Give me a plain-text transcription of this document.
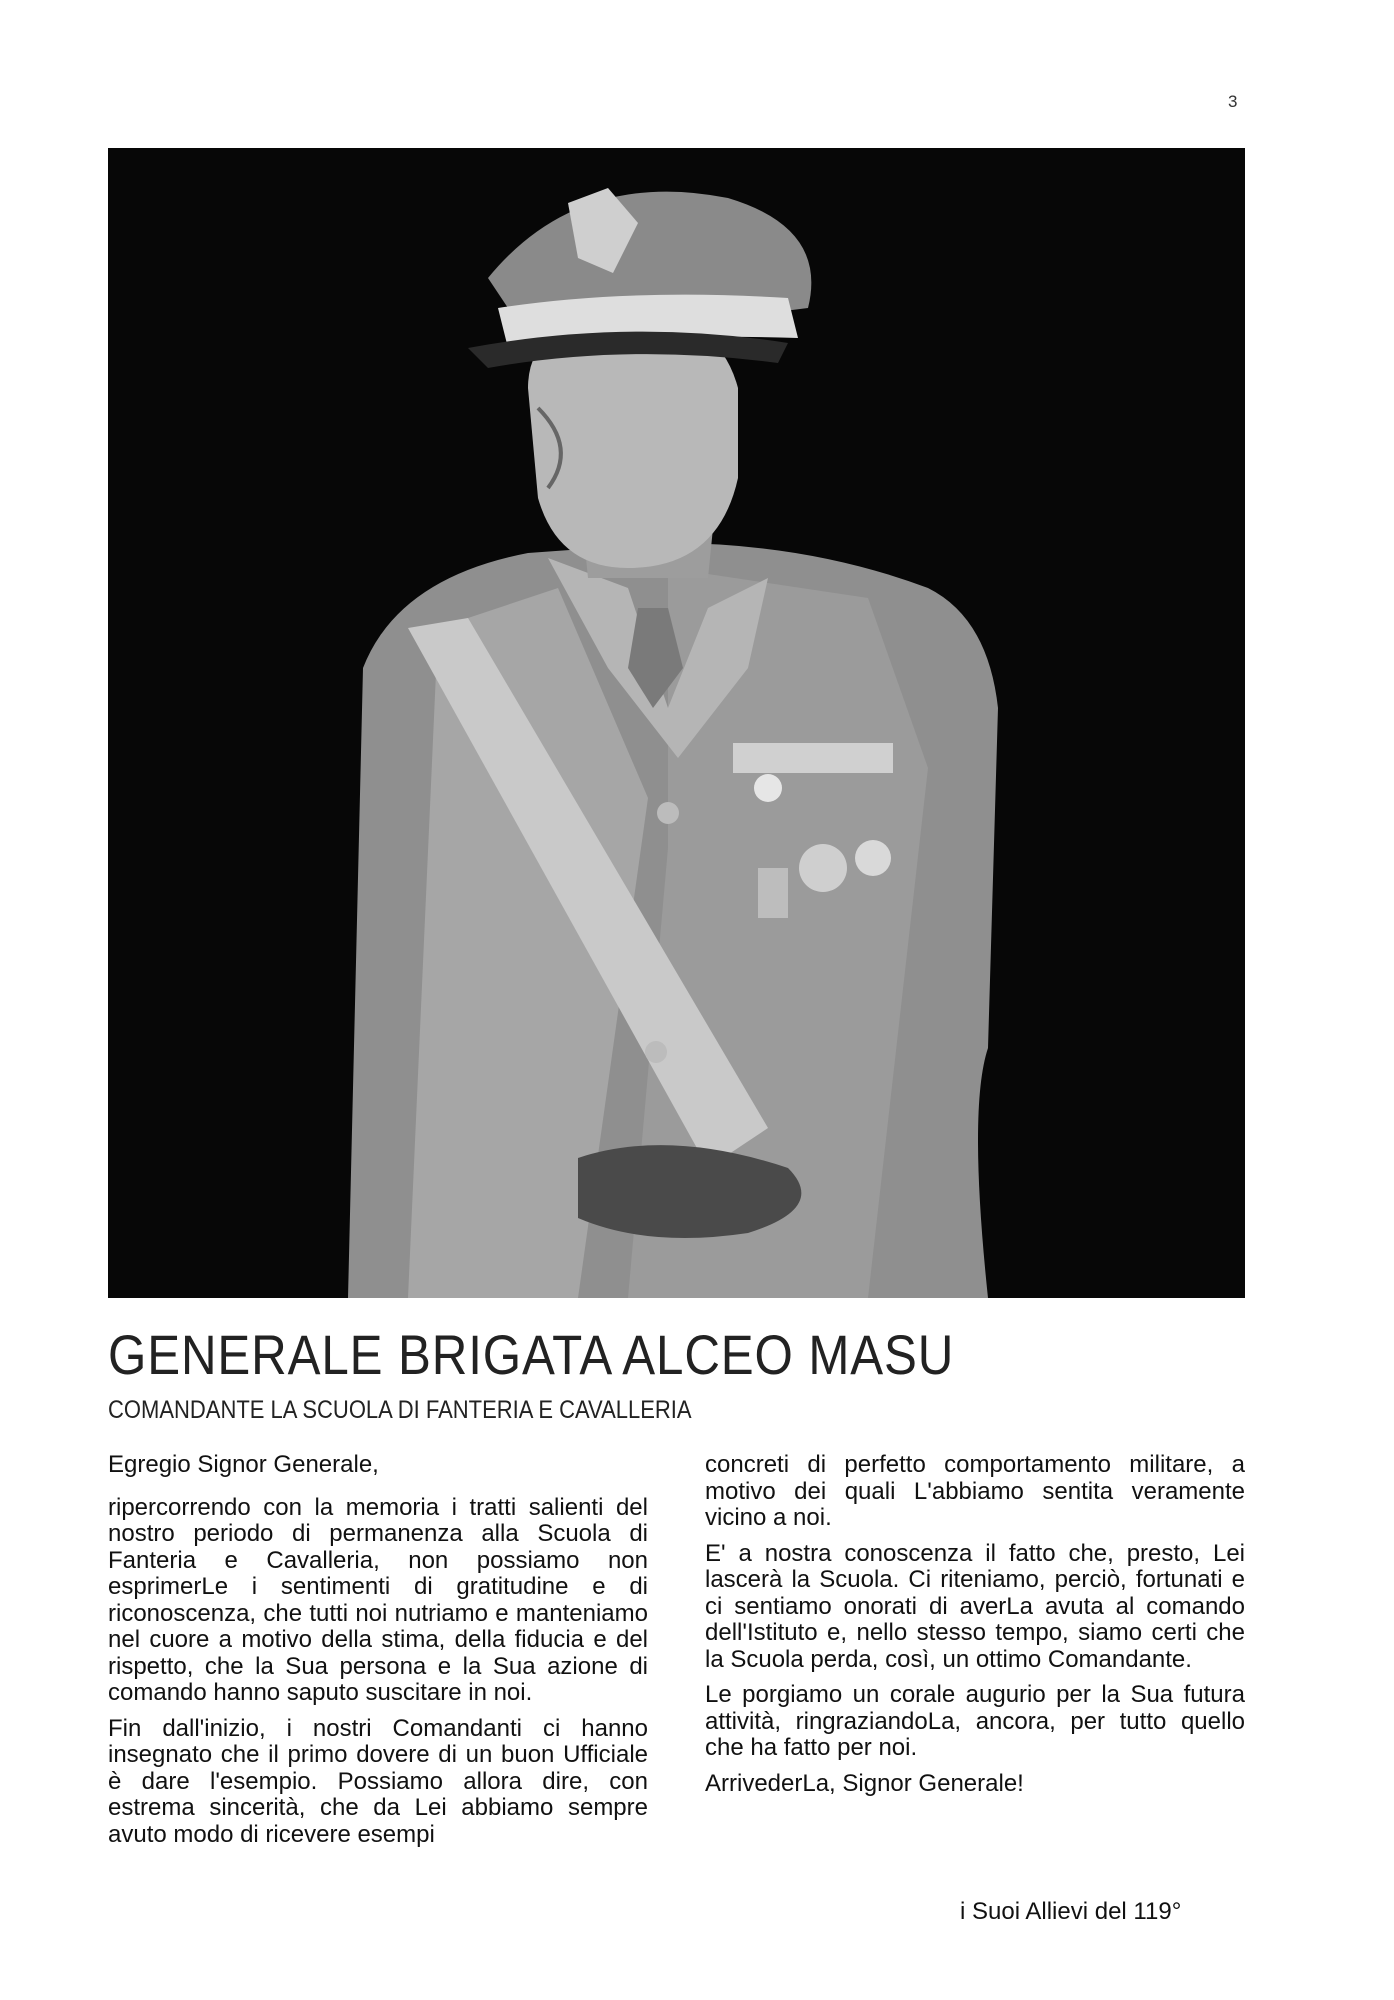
3
GENERALE BRIGATA ALCEO MASU
COMANDANTE LA SCUOLA DI FANTERIA E CAVALLERIA

Egregio Signor Generale,

ripercorrendo con la memoria i tratti salienti del nostro periodo di permanenza alla Scuola di Fanteria e Cavalleria, non possiamo non esprimerLe i sentimenti di gratitudine e di riconoscenza, che tutti noi nutriamo e manteniamo nel cuore a motivo della stima, della fiducia e del rispetto, che la Sua persona e la Sua azione di comando hanno saputo suscitare in noi.

Fin dall'inizio, i nostri Comandanti ci hanno insegnato che il primo dovere di un buon Ufficiale è dare l'esempio. Possiamo allora dire, con estrema sincerità, che da Lei abbiamo sempre avuto modo di ricevere esempi

concreti di perfetto comportamento militare, a motivo dei quali L'abbiamo sentita veramente vicino a noi.

E' a nostra conoscenza il fatto che, presto, Lei lascerà la Scuola. Ci riteniamo, perciò, fortunati e ci sentiamo onorati di averLa avuta al comando dell'Istituto e, nello stesso tempo, siamo certi che la Scuola perda, così, un ottimo Comandante.

Le porgiamo un corale augurio per la Sua futura attività, ringraziandoLa, ancora, per tutto quello che ha fatto per noi.

ArrivederLa, Signor Generale!

i Suoi Allievi del 119°
